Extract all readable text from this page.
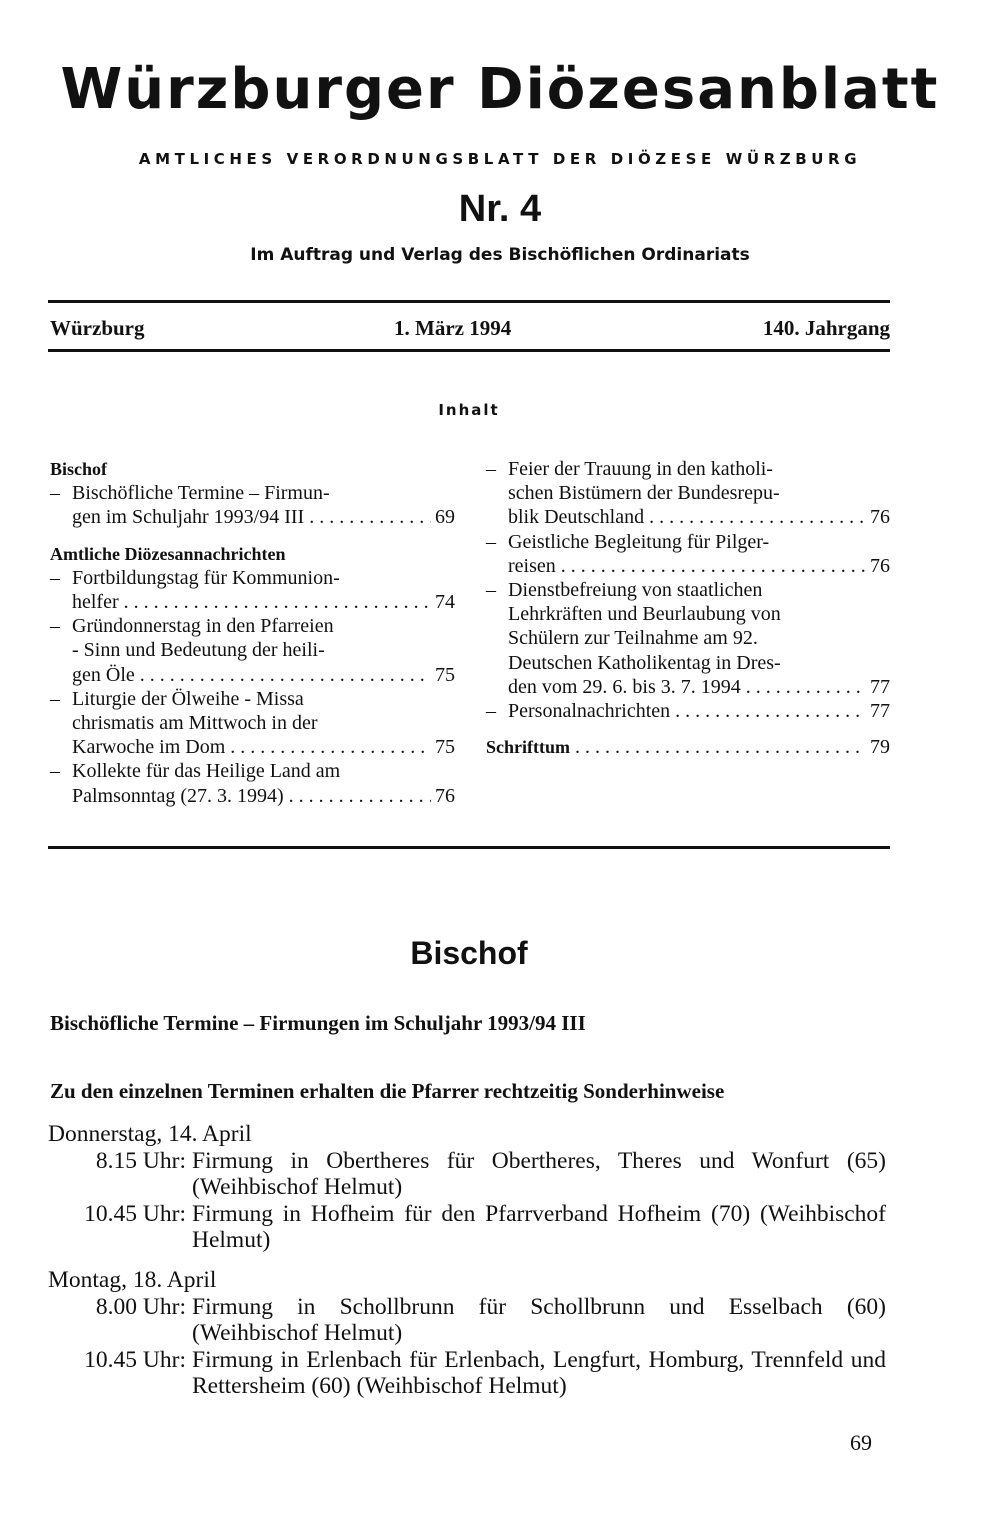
Würzburger Diözesanblatt
AMTLICHES VERORDNUNGSBLATT DER DIÖZESE WÜRZBURG
Nr. 4
Im Auftrag und Verlag des Bischöflichen Ordinariats
Würzburg	1. März 1994	140. Jahrgang
Inhalt
Bischof
– Bischöfliche Termine – Firmun-
gen im Schuljahr 1993/94 III	69
. . .
Amtliche Diözesannachrichten
– Fortbildungstag für Kommunion-
helfer	74
. . .
– Gründonnerstag in den Pfarreien
- Sinn und Bedeutung der heili-
gen Öle	75
. . .
– Liturgie der Ölweihe - Missa
chrismatis am Mittwoch in der
Karwoche im Dom	75
. . .
– Kollekte für das Heilige Land am
Palmsonntag (27. 3. 1994)	76
. . .
– Feier der Trauung in den katholi-
schen Bistümern der Bundesrepu-
blik Deutschland	76
. . .
– Geistliche Begleitung für Pilger-
reisen	76
. . .
– Dienstbefreiung von staatlichen
Lehrkräften und Beurlaubung von
Schülern zur Teilnahme am 92.
Deutschen Katholikentag in Dres-
den vom 29. 6. bis 3. 7. 1994	77
. . .
– Personalnachrichten	77
. . .
Schrifttum	79
. . .
Bischof
Bischöfliche Termine – Firmungen im Schuljahr 1993/94 III
Zu den einzelnen Terminen erhalten die Pfarrer rechtzeitig Sonderhinweise
Donnerstag, 14. April
8.15 Uhr: Firmung in Obertheres für Obertheres, Theres und Wonfurt (65) (Weihbischof Helmut)
10.45 Uhr: Firmung in Hofheim für den Pfarrverband Hofheim (70) (Weihbischof Helmut)
Montag, 18. April
8.00 Uhr: Firmung in Schollbrunn für Schollbrunn und Esselbach (60) (Weihbischof Helmut)
10.45 Uhr: Firmung in Erlenbach für Erlenbach, Lengfurt, Homburg, Trennfeld und Rettersheim (60) (Weihbischof Helmut)
69
